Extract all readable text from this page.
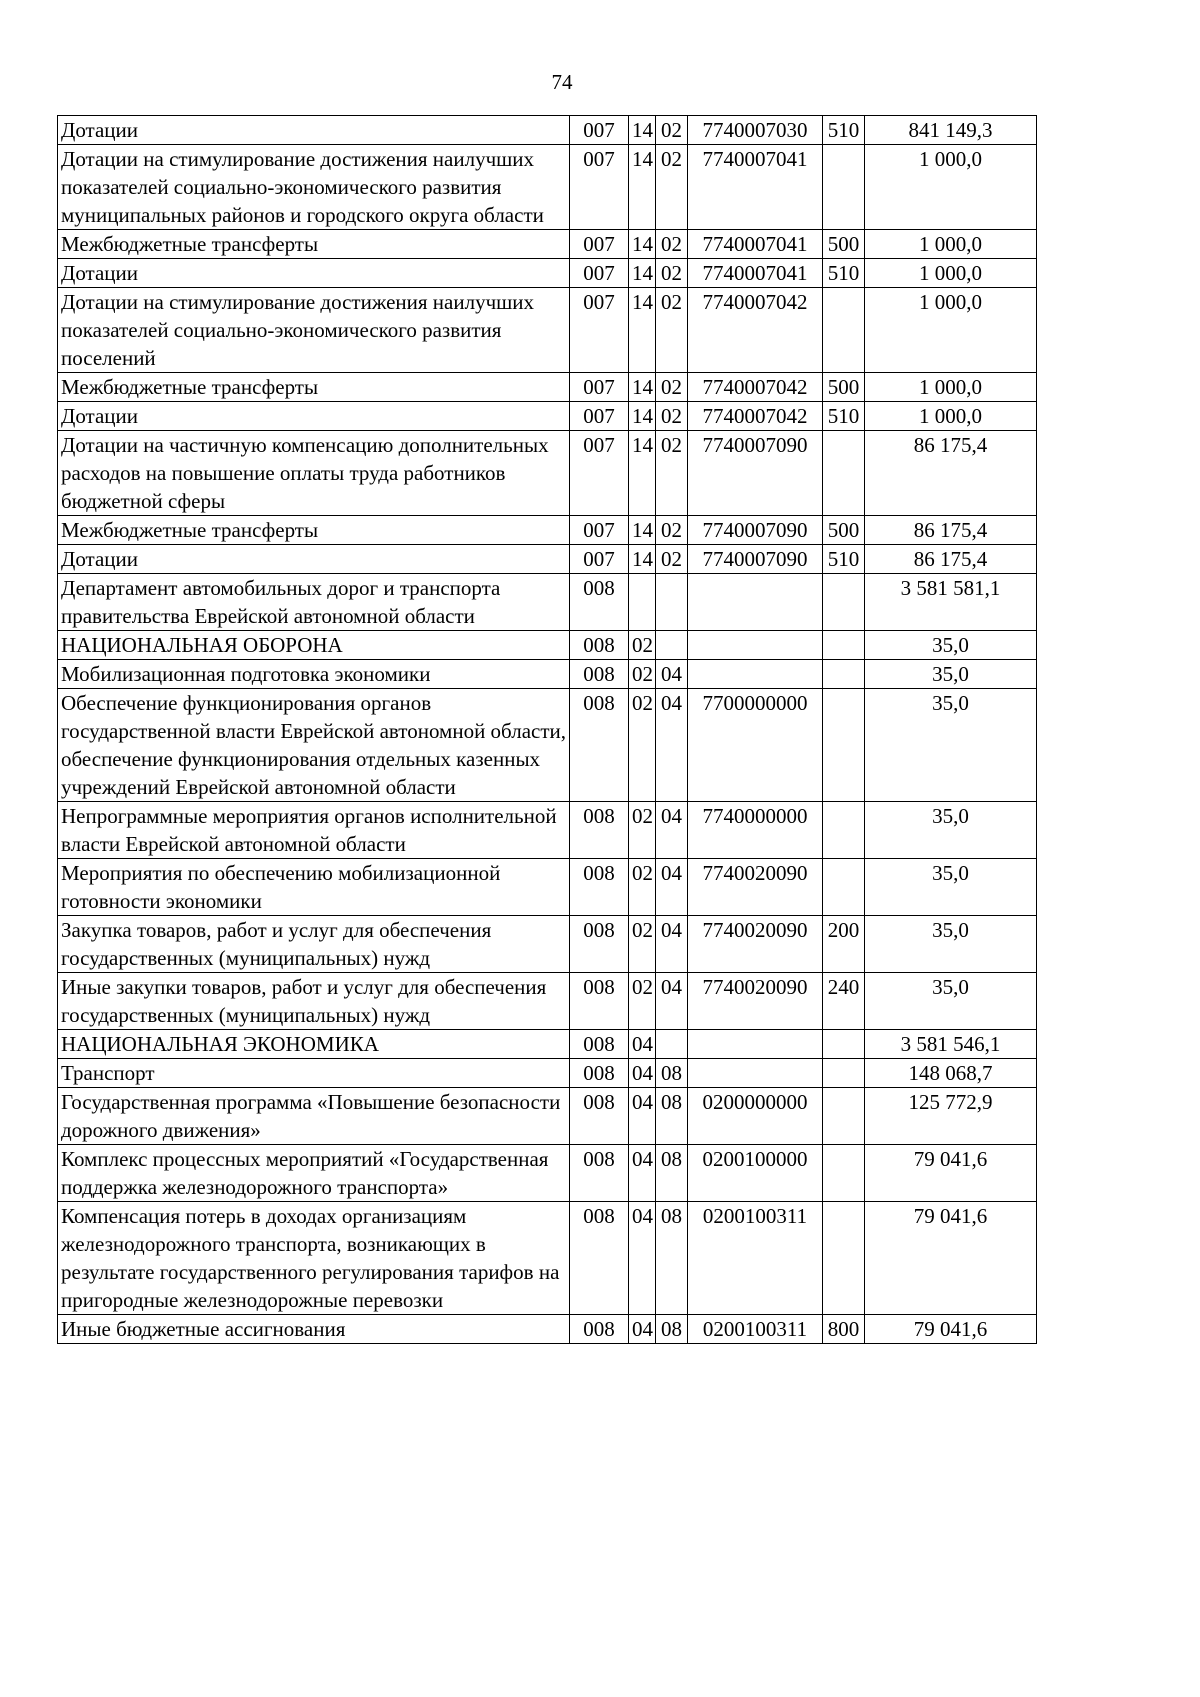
74
Дотации	007	14	02	7740007030	510	841 149,3
Дотации на стимулирование достижения наилучших показателей социально-экономического развития муниципальных районов и городского округа области	007	14	02	7740007041		1 000,0
Межбюджетные трансферты	007	14	02	7740007041	500	1 000,0
Дотации	007	14	02	7740007041	510	1 000,0
Дотации на стимулирование достижения наилучших показателей социально-экономического развития поселений	007	14	02	7740007042		1 000,0
Межбюджетные трансферты	007	14	02	7740007042	500	1 000,0
Дотации	007	14	02	7740007042	510	1 000,0
Дотации на частичную компенсацию дополнительных расходов на повышение оплаты труда работников бюджетной сферы	007	14	02	7740007090		86 175,4
Межбюджетные трансферты	007	14	02	7740007090	500	86 175,4
Дотации	007	14	02	7740007090	510	86 175,4
Департамент автомобильных дорог и транспорта правительства Еврейской автономной области	008					3 581 581,1
НАЦИОНАЛЬНАЯ ОБОРОНА	008	02				35,0
Мобилизационная подготовка экономики	008	02	04			35,0
Обеспечение функционирования органов государственной власти Еврейской автономной области, обеспечение функционирования отдельных казенных учреждений Еврейской автономной области	008	02	04	7700000000		35,0
Непрограммные мероприятия органов исполнительной власти Еврейской автономной области	008	02	04	7740000000		35,0
Мероприятия по обеспечению мобилизационной готовности экономики	008	02	04	7740020090		35,0
Закупка товаров, работ и услуг для обеспечения государственных (муниципальных) нужд	008	02	04	7740020090	200	35,0
Иные закупки товаров, работ и услуг для обеспечения государственных (муниципальных) нужд	008	02	04	7740020090	240	35,0
НАЦИОНАЛЬНАЯ ЭКОНОМИКА	008	04				3 581 546,1
Транспорт	008	04	08			148 068,7
Государственная программа «Повышение безопасности дорожного движения»	008	04	08	0200000000		125 772,9
Комплекс процессных мероприятий «Государственная поддержка железнодорожного транспорта»	008	04	08	0200100000		79 041,6
Компенсация потерь в доходах организациям железнодорожного транспорта, возникающих в результате государственного регулирования тарифов на пригородные железнодорожные перевозки	008	04	08	0200100311		79 041,6
Иные бюджетные ассигнования	008	04	08	0200100311	800	79 041,6
